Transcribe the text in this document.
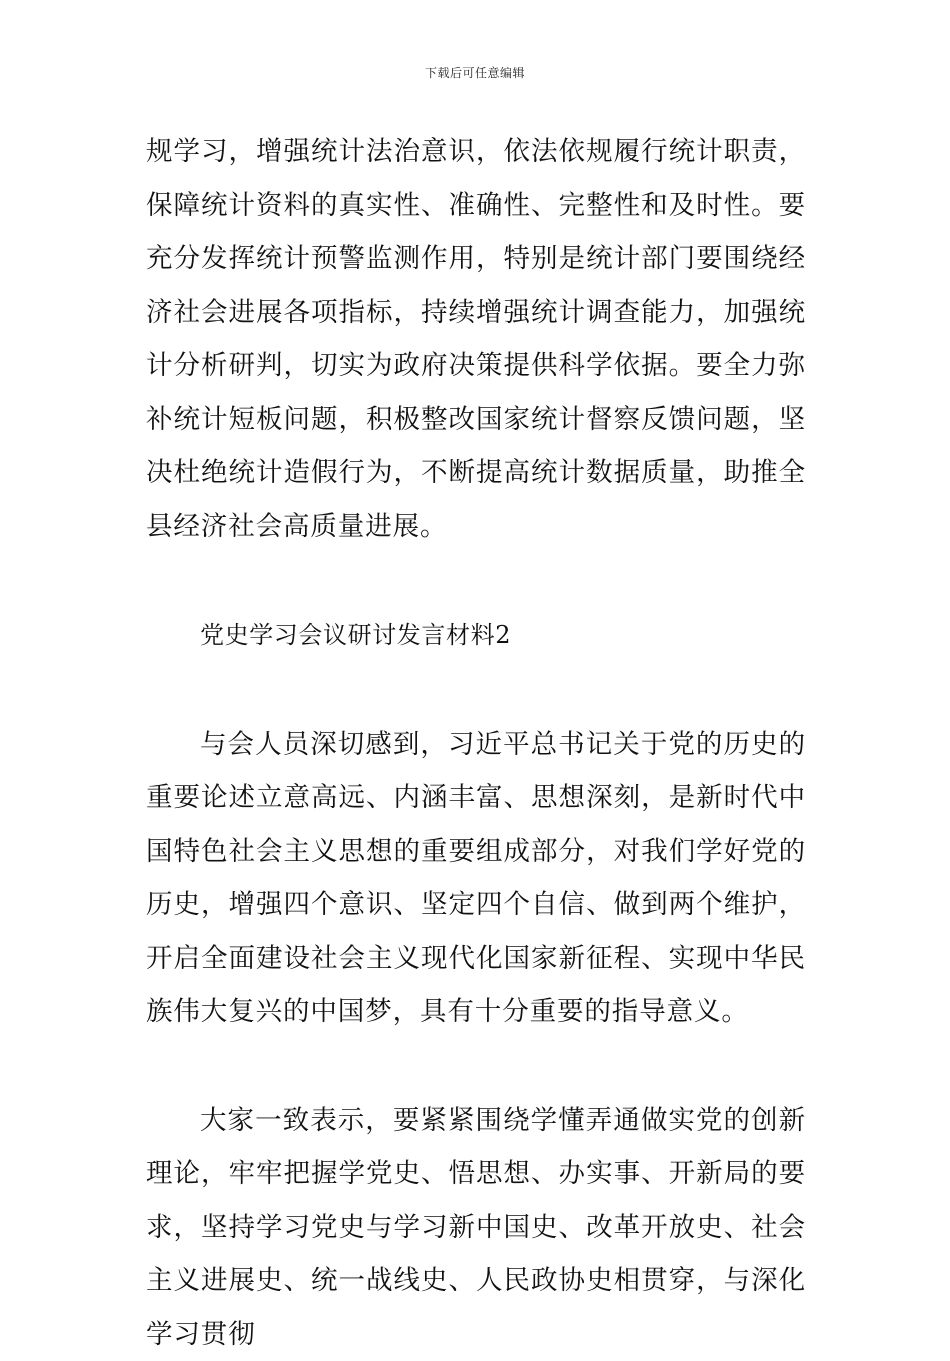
下载后可任意编辑

规学习，增强统计法治意识，依法依规履行统计职责，保障统计资料的真实性、准确性、完整性和及时性。要充分发挥统计预警监测作用，特别是统计部门要围绕经济社会进展各项指标，持续增强统计调查能力，加强统计分析研判，切实为政府决策提供科学依据。要全力弥补统计短板问题，积极整改国家统计督察反馈问题，坚决杜绝统计造假行为，不断提高统计数据质量，助推全县经济社会高质量进展。

党史学习会议研讨发言材料2

与会人员深切感到，习近平总书记关于党的历史的重要论述立意高远、内涵丰富、思想深刻，是新时代中国特色社会主义思想的重要组成部分，对我们学好党的历史，增强四个意识、坚定四个自信、做到两个维护，开启全面建设社会主义现代化国家新征程、实现中华民族伟大复兴的中国梦，具有十分重要的指导意义。

大家一致表示，要紧紧围绕学懂弄通做实党的创新理论，牢牢把握学党史、悟思想、办实事、开新局的要求，坚持学习党史与学习新中国史、改革开放史、社会主义进展史、统一战线史、人民政协史相贯穿，与深化学习贯彻
